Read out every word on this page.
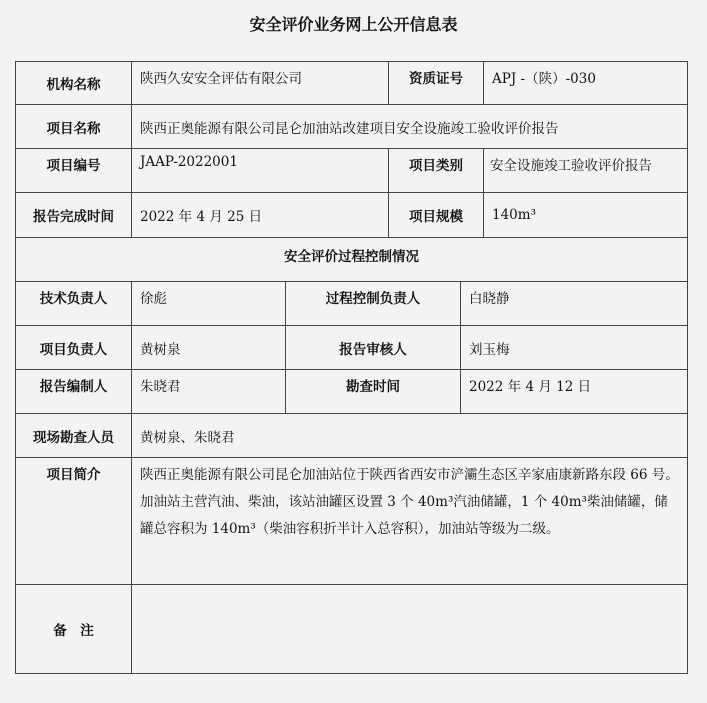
安全评价业务网上公开信息表
机构名称	陕西久安安全评估有限公司	资质证号	APJ -（陕）-030
项目名称	陕西正奥能源有限公司昆仑加油站改建项目安全设施竣工验收评价报告
项目编号	JAAP-2022001	项目类别	安全设施竣工验收评价报告
报告完成时间	2022 年 4 月 25 日	项目规模	140m³
安全评价过程控制情况
技术负责人	徐彪	过程控制负责人	白晓静
项目负责人	黄树泉	报告审核人	刘玉梅
报告编制人	朱晓君	勘查时间	2022 年 4 月 12 日
现场勘查人员	黄树泉、朱晓君
项目简介	陕西正奥能源有限公司昆仑加油站位于陕西省西安市浐灞生态区辛家庙康新路东段 66 号。加油站主营汽油、柴油，该站油罐区设置 3 个 40m³汽油储罐，1 个 40m³柴油储罐，储罐总容积为 140m³（柴油容积折半计入总容积），加油站等级为二级。
备　注
